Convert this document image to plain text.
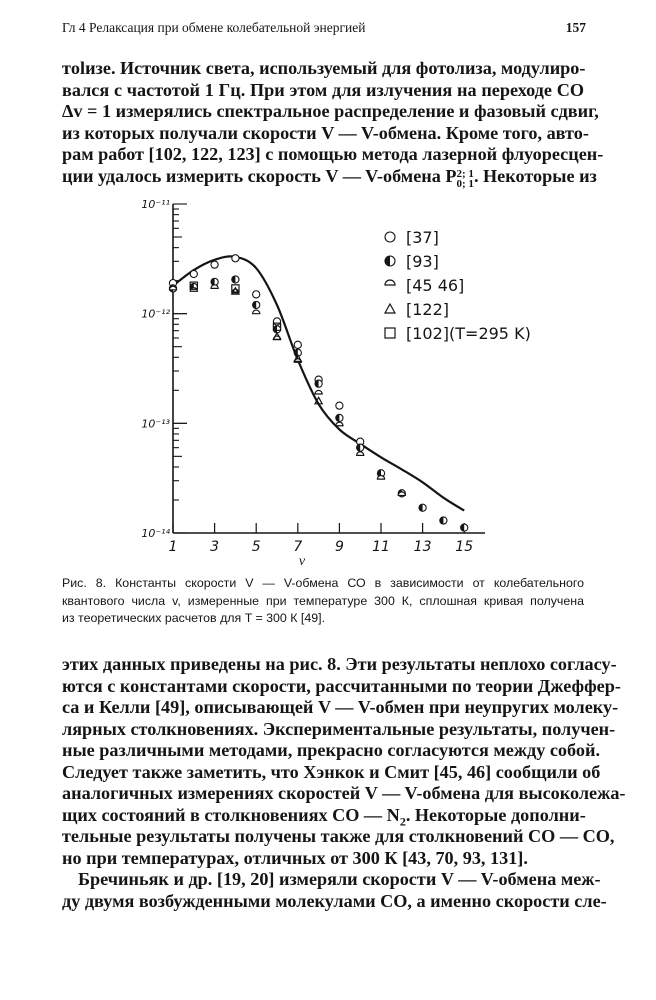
Гл 4 Релаксация при обмене колебательной энергией	157
тolизе. Источник света, используемый для фотолиза, модулиро-
вался с частотой 1 Гц. При этом для излучения на переходе СО
Δv = 1 измерялись спектральное распределение и фазовый сдвиг,
из которых получали скорости V — V-обмена. Кроме того, авто-
рам работ [102, 122, 123] с помощью метода лазерной флуоресцен-
ции удалось измерить скорость V — V-обмена P 2; 1
0; 1 . Некоторые из
10⁻¹¹
10⁻¹²
10⁻¹³
10⁻¹⁴
1 3 5 7 9 11 13 15
v
[37]
[93]
[45 46]
[122]
[102](T=295 K)
Рис. 8. Константы скорости V — V-обмена СО в зависимости от колебательного
квантового числа v, измеренные при температуре 300 К, сплошная кривая получена
из теоретических расчетов для T = 300 К [49].
этих данных приведены на рис. 8. Эти результаты неплохо согласу-
ются с константами скорости, рассчитанными по теории Джеффер-
са и Келли [49], описывающей V — V-обмен при неупругих молеку-
лярных столкновениях. Экспериментальные результаты, получен-
ные различными методами, прекрасно согласуются между собой.
Следует также заметить, что Хэнкок и Смит [45, 46] сообщили об
аналогичных измерениях скоростей V — V-обмена для высоколежа-
щих состояний в столкновениях СО — $N_2$. Некоторые дополни-
тельные результаты получены также для столкновений СО — СО,
но при температурах, отличных от 300 К [43, 70, 93, 131].
Бречиньяк и др. [19, 20] измеряли скорости V — V-обмена меж-
ду двумя возбужденными молекулами СО, а именно скорости сле-
